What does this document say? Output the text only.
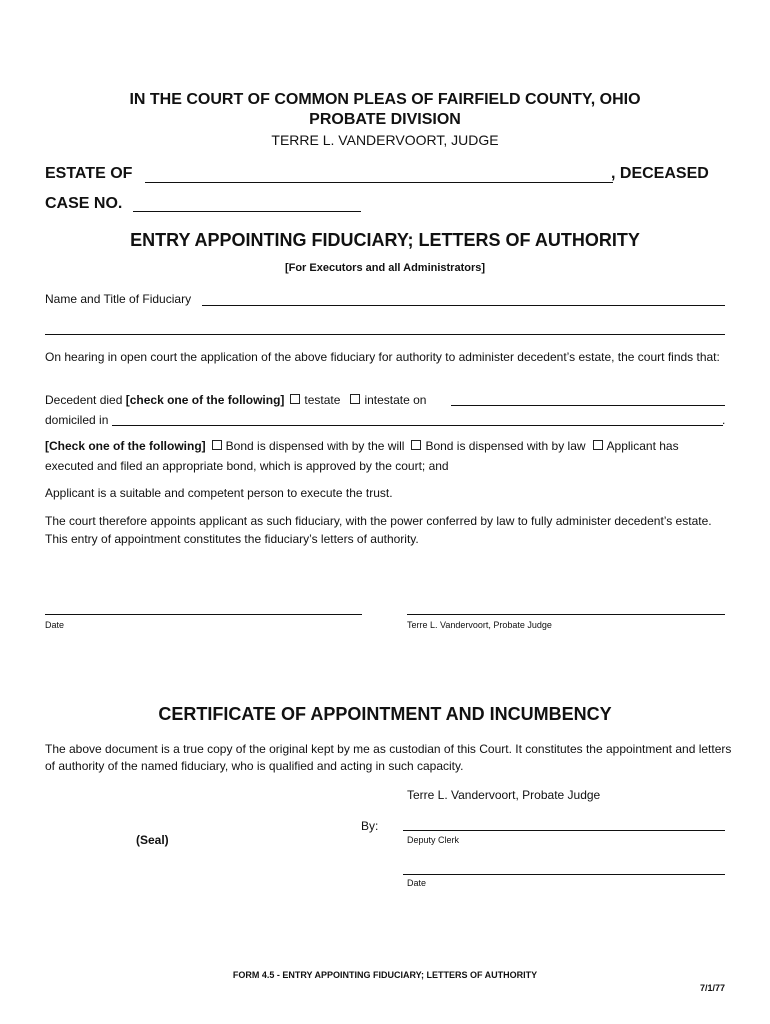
IN THE COURT OF COMMON PLEAS OF FAIRFIELD COUNTY, OHIO
PROBATE DIVISION
TERRE L. VANDERVOORT, JUDGE
ESTATE OF	, DECEASED
CASE NO.
ENTRY APPOINTING FIDUCIARY; LETTERS OF AUTHORITY
[For Executors and all Administrators]
Name and Title of Fiduciary
On hearing in open court the application of the above fiduciary for authority to administer decedent’s estate, the court finds that:
Decedent died [check one of the following] testate intestate on
domiciled in	.
[Check one of the following] Bond is dispensed with by the will Bond is dispensed with by law Applicant has
executed and filed an appropriate bond, which is approved by the court; and
Applicant is a suitable and competent person to execute the trust.
The court therefore appoints applicant as such fiduciary, with the power conferred by law to fully administer decedent’s estate. This entry of appointment constitutes the fiduciary’s letters of authority.
Date	Terre L. Vandervoort, Probate Judge
CERTIFICATE OF APPOINTMENT AND INCUMBENCY
The above document is a true copy of the original kept by me as custodian of this Court. It constitutes the appointment and letters of authority of the named fiduciary, who is qualified and acting in such capacity.
Terre L. Vandervoort, Probate Judge
By:
Deputy Clerk
(Seal)
Date
FORM 4.5 - ENTRY APPOINTING FIDUCIARY; LETTERS OF AUTHORITY
7/1/77
